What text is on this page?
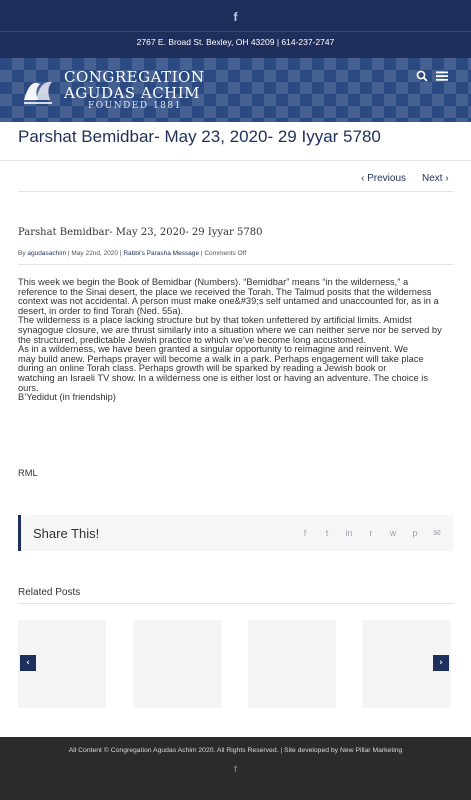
f
2767 E. Broad St. Bexley, OH 43209 | 614-237-2747
CONGREGATION
AGUDAS ACHIM
FOUNDED 1881
Parshat Bemidbar- May 23, 2020- 29 Iyyar 5780
‹ Previous Next ›
Parshat Bemidbar- May 23, 2020- 29 Iyyar 5780
By agudasachim | May 22nd, 2020 | Rabbi's Parasha Message | Comments Off

This week we begin the Book of Bemidbar (Numbers). “Bemidbar” means “in the wilderness,” a

reference to the Sinai desert, the place we received the Torah. The Talmud posits that the wilderness context was not accidental. A person must make one&#39;s self untamed and unaccounted for, as in a desert, in order to find Torah (Ned. 55a).

The wilderness is a place lacking structure but by that token unfettered by artificial limits. Amidst

synagogue closure, we are thrust similarly into a situation where we can neither serve nor be served by the structured, predictable Jewish practice to which we’ve become long accustomed.

As in a wilderness, we have been granted a singular opportunity to reimagine and reinvent. We

may build anew. Perhaps prayer will become a walk in a park. Perhaps engagement will take place during an online Torah class. Perhaps growth will be sparked by reading a Jewish book or

watching an Israeli TV show. In a wilderness one is either lost or having an adventure. The choice is ours.

B’Yedidut (in friendship)

RML
Share This!	f	t	in	r	w	p	✉
Related Posts
‹	›
All Content © Congregation Agudas Achim 2020. All Rights Reserved. | Site developed by New Pillar Marketing
f
